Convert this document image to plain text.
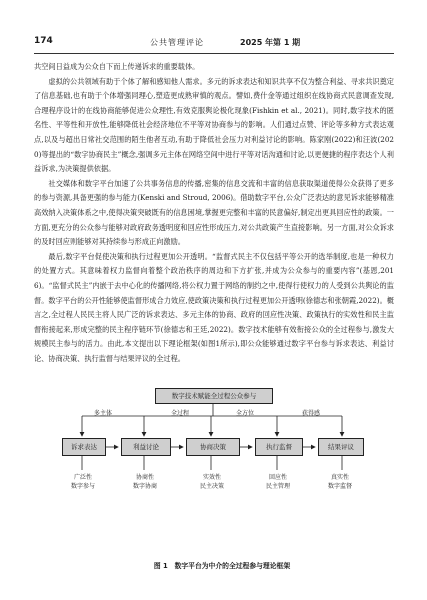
174	公共管理评论	2025 年第 1 期

共空间日益成为公众自下而上传递诉求的重要载体。

虚拟的公共领域有助于个体了解和感知他人需求。多元的诉求表达和知识共享不仅为整合利益、寻求共识奠定了信息基础,也有助于个体增强同理心,塑造更成熟审慎的观点。譬如,费什金等通过组织在线协商式民意调查发现,合理程序设计的在线协商能够促进公众理性,有效克服舆论极化现象(Fishkin et al., 2021)。同时,数字技术的匿名性、平等性和开放性,能够降低社会经济地位不平等对协商参与的影响。人们通过点赞、评论等多种方式表达观点,以及与超出日常社交范围的陌生他者互动,有助于降低社会压力对利益讨论的影响。陈家刚(2022)和汪波(2020)等提出的“数字协商民主”概念,强调多元主体在网络空间中进行平等对话沟通和讨论,以更便捷的程序表达个人利益诉求,为决策提供依据。

社交媒体和数字平台加速了公共事务信息的传播,密集的信息交流和丰富的信息获取渠道使得公众获得了更多的参与资源,具备更强的参与能力(Kenski and Stroud, 2006)。借助数字平台,公众广泛表达的意见诉求能够精准高效纳入决策体系之中,使得决策突破既有的信息困境,掌握更完整和丰富的民意偏好,制定出更具回应性的政策。一方面,更充分的公众参与能够对政府政务透明度和回应性形成压力,对公共政策产生直接影响。另一方面,对公众诉求的及时回应则能够对其持续参与形成正向激励。

最后,数字平台促使决策和执行过程更加公开透明。“监督式民主不仅包括平等公开的选举制度,也是一种权力的处置方式。其意味着权力监督向着整个政治秩序的周边和下方扩张,并成为公众参与的重要内容”(基恩,2016)。“监督式民主”内嵌于去中心化的传播网络,将公权力置于网络的制约之中,使得行使权力的人受到公共舆论的监督。数字平台的公开性能够使监督形成合力效应,使政策决策和执行过程更加公开透明(徐德志和张朝霞,2022)。概言之,全过程人民民主将人民广泛的诉求表达、多元主体的协商、政府的回应性决策、政策执行的实效性和民主监督衔接起来,形成完整的民主程序链环节(徐德志和王廷,2022)。数字技术能够有效衔接公众的全过程参与,激发大规模民主参与的活力。由此,本文提出以下理论框架(如图1所示),即公众能够通过数字平台参与诉求表达、利益讨论、协商决策、执行监督与结果评议的全过程。

数字技术赋能全过程公众参与
多主体	全过程	全方位	获得感
诉求表达	利益讨论	协商决策	执行监督	结果评议
广泛性
数字参与
协商性
数字协商
实效性
民主决策
回应性
民主管理
真实性
数字监督
图 1　数字平台为中介的全过程参与理论框架
